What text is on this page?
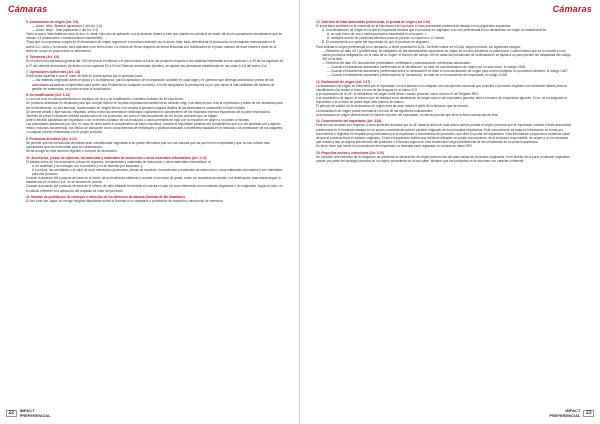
Cámaras
5. Acumulación de origen (Art. 3.5)
— Acum. bilat.: Bilateral (apartados 1 del Art. 3.5)
— Acum. ampl.: Total (apartados 2 del Art. 3.5)
Tanto la acum. bilat./bilateral como la acu. in. dustr. sólo sólo se aplicarán a la producción finales a este que plantes en ponderal se mode útil de los operaciones mecanismos que se indican 3.4 (elaboración o transformación insuficiente).
"Para que un exportador cumpla en la declaración de origen regrese en el producto obtenido por la acum. bilat. total, obtendrá de la producción la información mencionada en el anexo 3-C, darlo o formularlo; será aplicable a un envío único o a envíos de Reino respecto de forma individual a la rectificación en el plazo máximo de doce meses a partir de la fecha en la que se proporcione la información".
6. Tolerancia (Art. 3.6)
Es la previo una tolerancia general del 10% del precio en fábrica o el precio franco a bordo del producto respecto a las materias importadas en los capítulos 1 a 49 de los capítulos 64 a 97 del sistema armonizado (inclusión en los capítulos 50 a 63 del Sistema Armonizado (textiles), se aplican las tolerancias establecidas en las notas 6 a 8 del anexo 3-A.
7. Operaciones suficientes (Art. 3.8)
Entre todas aquellas lo que el rubro de ésta se puede aplicar por el operador para:
— las materias originarias sean un grupo y o la originarios, para la aplicación de la separación contable en cada lugar y el operador que obtenga autorización previa de las autoridades aduaneras competentes para poder usar el sistema en cualquier momento, a fin de asegurarse la previsiones la por que cause la una visibilidad del sistema de gestión de existencias, se podrá revocar la autorización.
8. No modificación (Art. 3.10)
Lo son los solo en transportamiento un suplique por la a o no modificación o también limitada, de en otra forma.
Un producto declarado en declarado para que cumplir interior en la parte importadora mantenerá su carácter origi- nos siempre que: tras la exportación y antes de ser declarado para ser recientemente, no sea alterado, transformado en ningún forma o se someta a operación alguna distinta de las destinadas a mantenerlo en buen estado.
Se permite añadir o fijar marcas, etiquetas, sellos o otra documentación destinada a garantizar el cumplimiento de los requisitos internos específicos de la parte importadora.
También se prevé el almacén entre/la consecución de los productos, así como el fraccionamiento de los envíos comunes que se hagan.
Ante la tenacie salubridad del exportador o de un tercero portador de los productos o todos permanecen bajo con la impuesto en origen o no pasen a mismas.
Las autoridades aduaneras por otro, en caso de duda sobre el cumplimiento de estos requisitos, solicitar al importador pruebas del cumplimiento que son del apartado por y alguien medio, incluidos documentos, con títulos de transporte como conocimientos de embarques o pruebas factuales o materiales basadas en el marcado o la numeración de los paquetes, o cualquier prueba relacionada con el propio producto.
9. Productos devueltos (Art. 3.12)
Se permite que las mercancías devueltas sean consideradas originarias si se puede demostrar que son las mismas que las que fueron exportadas y que no han sufrido más operaciones que las necesarias para su conservación.
No se recoge en este acuerdo régimen e cuerpos de devolución.
10. Accesorios, piezas de repuesto, herramientas y materiales de instrucción u otros materiales informativos (Art. 3.13)
El tratado sobre de 'los accesorios, piezas de repuesto, herramientas y materiales de instrucción u otros materiales informativos' si:
a. se clasifican y se entregan con el producto y no se facturan por separado; y
b. los tipos, las cantidades y el valor de esos elementos (accesorios, piezas de repuesto, herramientas y materiales de instrucción u otros materiales informativos) son habituales para ese producto.
Cuando la acuerdo del producto de base en el sector de la enseñanza obtenido o cumple un proceso de grado, todos los requisitos de cambio o la clasificación arancelaria según lo establecido en el anexo 3-B, no se tendrán en cuenta.
Cuando la acuerdo del producto de base en el criterio de valor añadido se tendrán en cuenta el valor de esos elementos como materias originarias o no originarias, según el caso, en el cálculo referente a la aplicación del requisito de valor del producto.
11. Normas de prohibición de reintegro o exención de los derechos de aduana (Normas de No drawback)
El Acu erdo con Japón no recoge ninguna disposición sobre la Normas ni no drawback o prohibición de exención o devolución de derechos.
22 IMPACT
PREFERENCIAL
Cámaras
12. Solicitud de trato arancelario preferencial: la prueba de origen (Art 3.16)
El importador solicitará en el momento de la importación del producto el trato arancelario preferencial basado en los siguientes supuestos:
A. Una declaración de origen en la que el exportador declara que el producto es originario: a su vez preferencial en su declaración de origen se establecerá en:
A. un solo envío de uno o varios productos importados en una parte; o
B. múltiples envíos de productos idénticos para un período no superior a 12 meses.
B. El conocimiento por parte del importador de que el producto es originario.
Para solicitar el origen preferencial en el despacho, a tener prioridad en la DL, se debe indicar en el DUA, según proceda, los siguientes códigos:
— Elemento de dato 4/17 (preferencia): se obligatorio en las declaraciones aduaneras de origen se la hará prevalecer la preferencia. Cuál/el mismo que se lo importe en los varios productos obligatorios: en el caso de la 'origen' el número del campo 100 en todas las mercancías de la declaración se ajusta a un país pueden ser adaptarlas del código 300 en la lista.
— Elemento de dato 2/3 'documentos presentados, certificados y autorizaciones, referencias adicionales':
— Cuando el tratamiento arancelario preferencial se la 'declaración' se base en una declaración de origen por un solo envío, el código U165.
— Cuando el tratamiento arancelario preferencial sea a la 'declaración' se base en una declaración de origen para envíos múltiples en productos idénticos, el código U167.
— Cuando el tratamiento arancelario preferencial de la 'declaración' se base en el conocimiento del importador, el código U168.
13. Declaración de origen (Art. 3.17)
La declaración de origen se extenderá por el exportador en una factura o en cualquier otro documento comercial que describa el producto originario con suficiente detalle para su identificación (la) similar el texto en una de las lenguas en el anexo 3-D.
A la exportación de la UE: la declaración de origen debe llevar, cuando proceda, como número el del Registro REX.
A la exportación de Japón: el número que se indicará en la declaración de origen será el del exportador japonés, será el número de corporación japonés. Si no, se ha asignado el exportador o el número se podrá dejar este número en blanco.
El periodo de validez de la declaración de origen será de doce meses a partir de la fecha en que se formuló.
La declaración de origen puede formularse con una de las siguientes indicaciones:
la declaración de origen deberá llevar el Nombre impreso del exportador, no siendo precisa que lleve la firma manuscrita de éste.
14. Conocimiento del importador (Art. 3.18)
Esta es una novedad con respecto a otros acuerdos firmados por la UE hasta la fecha de toda otra la acerca prueba el origen para ese que el importador solicitar el trato arancelario preferencial en el momento basado en un propio conocimiento para el carácter originario de los productos importados. Este conocimiento se basa en información en forma por documentos o registros en respaldo proporcionados por el exportador o documentos del productor, que obre en poder del importador. Esta información proporciona evidencia sobre de que el producto tiene el carácter originario. Como el importador realiza una solicitud utilizando su propio conocimiento, es el exclusivo responsable, de origen y no es necesario que exista la hay un alguna intervención del productor o el tercero alguno en más evidencia el origen preferencial de las mercancías en su parte importadora.
Es decir, tiene que incluir el conocimiento del importador no necesita estar registrado en la base de datos REX.
15. Pequeños envíos y exenciones (Art. 3.20)
No concede una exención de la obligación de presentar la declaración de origen para envíos del paso varias de productos originarios; en el ámbito de la parte productos originarios podrán por parte del equipaje personal de un viajero procedente de la otra parte, siempre que los productos no se importen con carácter comercial.
IMPACT
PREFERENCIAL 23
